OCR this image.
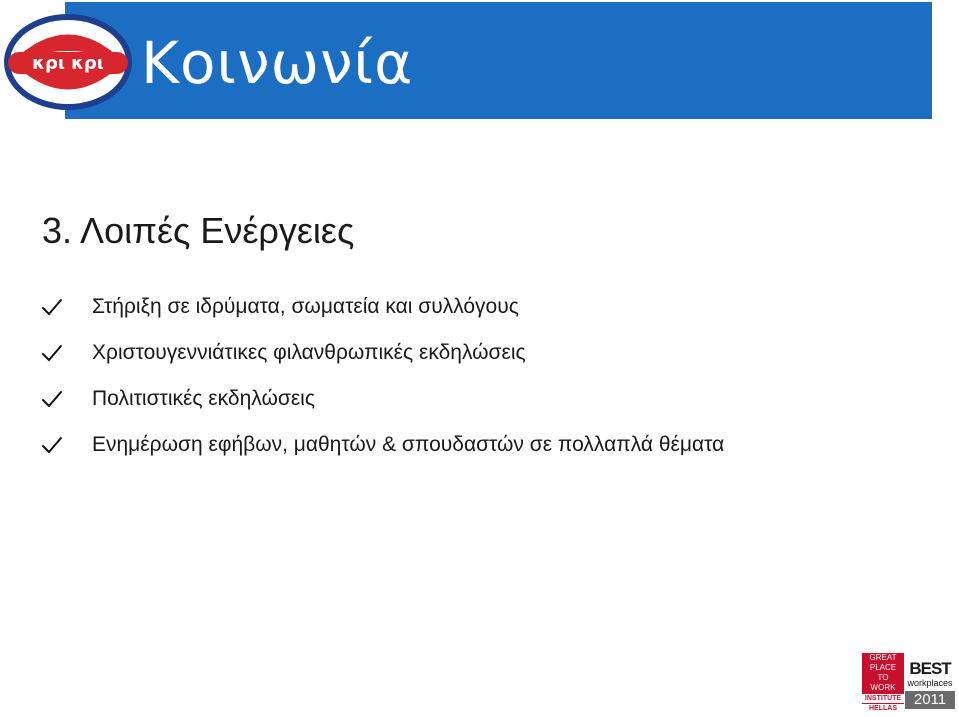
κρι κρι Κοινωνία
3. Λοιπές Ενέργειες
Στήριξη σε ιδρύματα, σωματεία και συλλόγους
Χριστουγεννιάτικες φιλανθρωπικές εκδηλώσεις
Πολιτιστικές εκδηλώσεις
Ενημέρωση εφήβων, μαθητών & σπουδαστών σε πολλαπλά θέματα
GREAT
PLACE
TO
WORK
INSTITUTE
HELLAS
BEST
workplaces
2011
